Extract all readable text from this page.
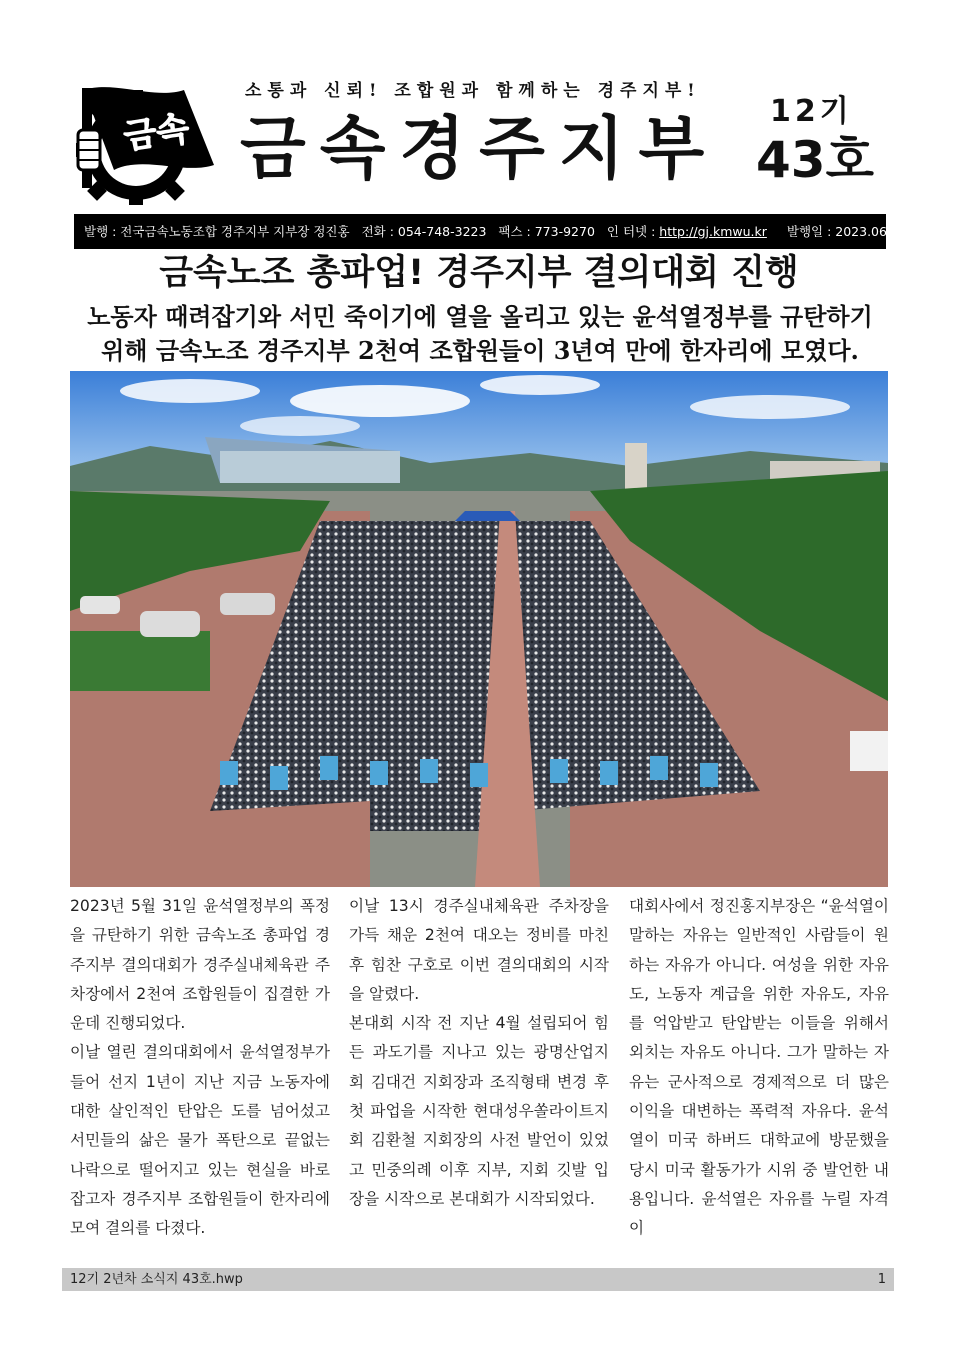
금속
소통과 신뢰! 조합원과 함께하는 경주지부!
금속경주지부 12기
43호
발행 : 전국금속노동조합 경주지부 지부장 정진홍 전화 : 054-748-3223 팩스 : 773-9270 인 터넷 : http://gj.kmwu.kr 발행일 : 2023.06.01(목)
금속노조 총파업! 경주지부 결의대회 진행
노동자 때려잡기와 서민 죽이기에 열을 올리고 있는 윤석열정부를 규탄하기
위해 금속노조 경주지부 2천여 조합원들이 3년여 만에 한자리에 모였다.

2023년 5월 31일 윤석열정부의 폭정을 규탄하기 위한 금속노조 총파업 경주지부 결의대회가 경주실내체육관 주차장에서 2천여 조합원들이 집결한 가운데 진행되었다.

이날 열린 결의대회에서 윤석열정부가 들어 선지 1년이 지난 지금 노동자에 대한 살인적인 탄압은 도를 넘어섰고 서민들의 삶은 물가 폭탄으로 끝없는 나락으로 떨어지고 있는 현실을 바로잡고자 경주지부 조합원들이 한자리에 모여 결의를 다졌다.

이날 13시 경주실내체육관 주차장을 가득 채운 2천여 대오는 정비를 마친 후 힘찬 구호로 이번 결의대회의 시작을 알렸다.

본대회 시작 전 지난 4월 설립되어 힘든 과도기를 지나고 있는 광명산업지회 김대건 지회장과 조직형태 변경 후 첫 파업을 시작한 현대성우쏠라이트지회 김환철 지회장의 사전 발언이 있었고 민중의례 이후 지부, 지회 깃발 입장을 시작으로 본대회가 시작되었다.

대회사에서 정진홍지부장은 “윤석열이 말하는 자유는 일반적인 사람들이 원하는 자유가 아니다. 여성을 위한 자유도, 노동자 계급을 위한 자유도, 자유를 억압받고 탄압받는 이들을 위해서 외치는 자유도 아니다. 그가 말하는 자유는 군사적으로 경제적으로 더 많은 이익을 대변하는 폭력적 자유다. 윤석열이 미국 하버드 대학교에 방문했을 당시 미국 활동가가 시위 중 발언한 내용입니다. 윤석열은 자유를 누릴 자격이

12기 2년차 소식지 43호.hwp	1
